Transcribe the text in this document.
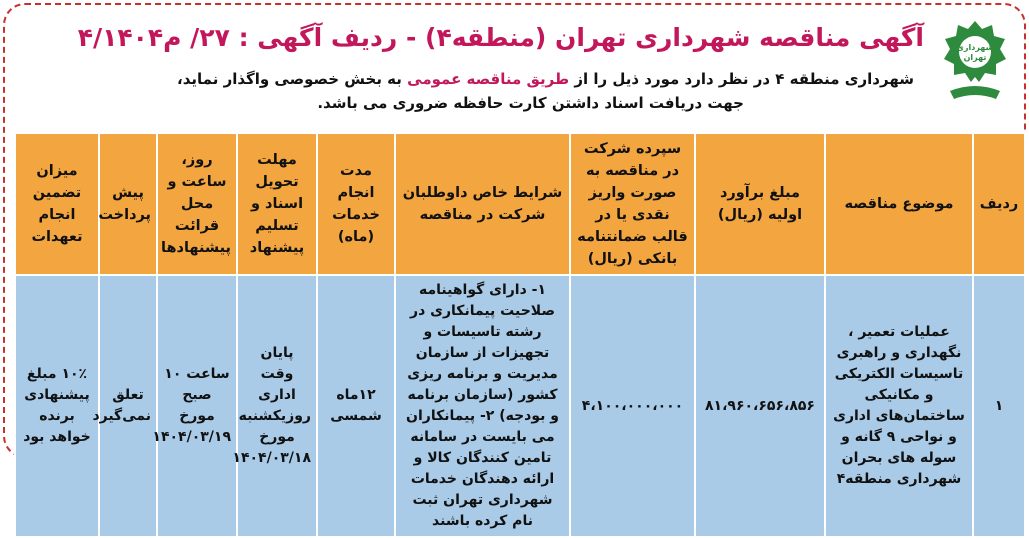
شهرداری
تهران
آگهی مناقصه شهرداری تهران (منطقه۴) - ردیف آگهی : ۲۷/ م۴/۱۴۰۴
شهرداری منطقه ۴ در نظر دارد مورد ذیل را از طریق مناقصه عمومی به بخش خصوصی واگذار نماید،
جهت دریافت اسناد داشتن کارت حافظه ضروری می باشد.
ردیف	موضوع مناقصه	مبلغ برآورد اولیه (ریال)	سپرده شرکت در مناقصه به صورت واریز نقدی یا در قالب ضمانتنامه بانکی (ریال)	شرایط خاص داوطلبان شرکت در مناقصه	مدت انجام خدمات (ماه)	مهلت تحویل اسناد و تسلیم پیشنهاد	روز، ساعت و محل قرائت پیشنهادها	پیش پرداخت	میزان تضمین انجام تعهدات
۱	عملیات تعمیر ، نگهداری و راهبری تاسیسات الکتریکی و مکانیکی ساختمان‌های اداری و نواحی ۹ گانه و سوله های بحران شهرداری منطقه۴	۸۱،۹۶۰،۶۵۶،۸۵۶	۴،۱۰۰،۰۰۰،۰۰۰	۱- دارای گواهینامه صلاحیت پیمانکاری در رشته تاسیسات و تجهیزات از سازمان مدیریت و برنامه ریزی کشور (سازمان برنامه و بودجه) ۲- پیمانکاران می بایست در سامانه تامین کنندگان کالا و ارائه دهندگان خدمات شهرداری تهران ثبت نام کرده باشند	۱۲ماه شمسی	پایان وقت اداری روزیکشنبه مورخ ۱۴۰۴/۰۳/۱۸	ساعت ۱۰ صبح مورخ ۱۴۰۴/۰۳/۱۹	تعلق نمی‌گیرد	۱۰٪ مبلغ پیشنهادی برنده خواهد بود
